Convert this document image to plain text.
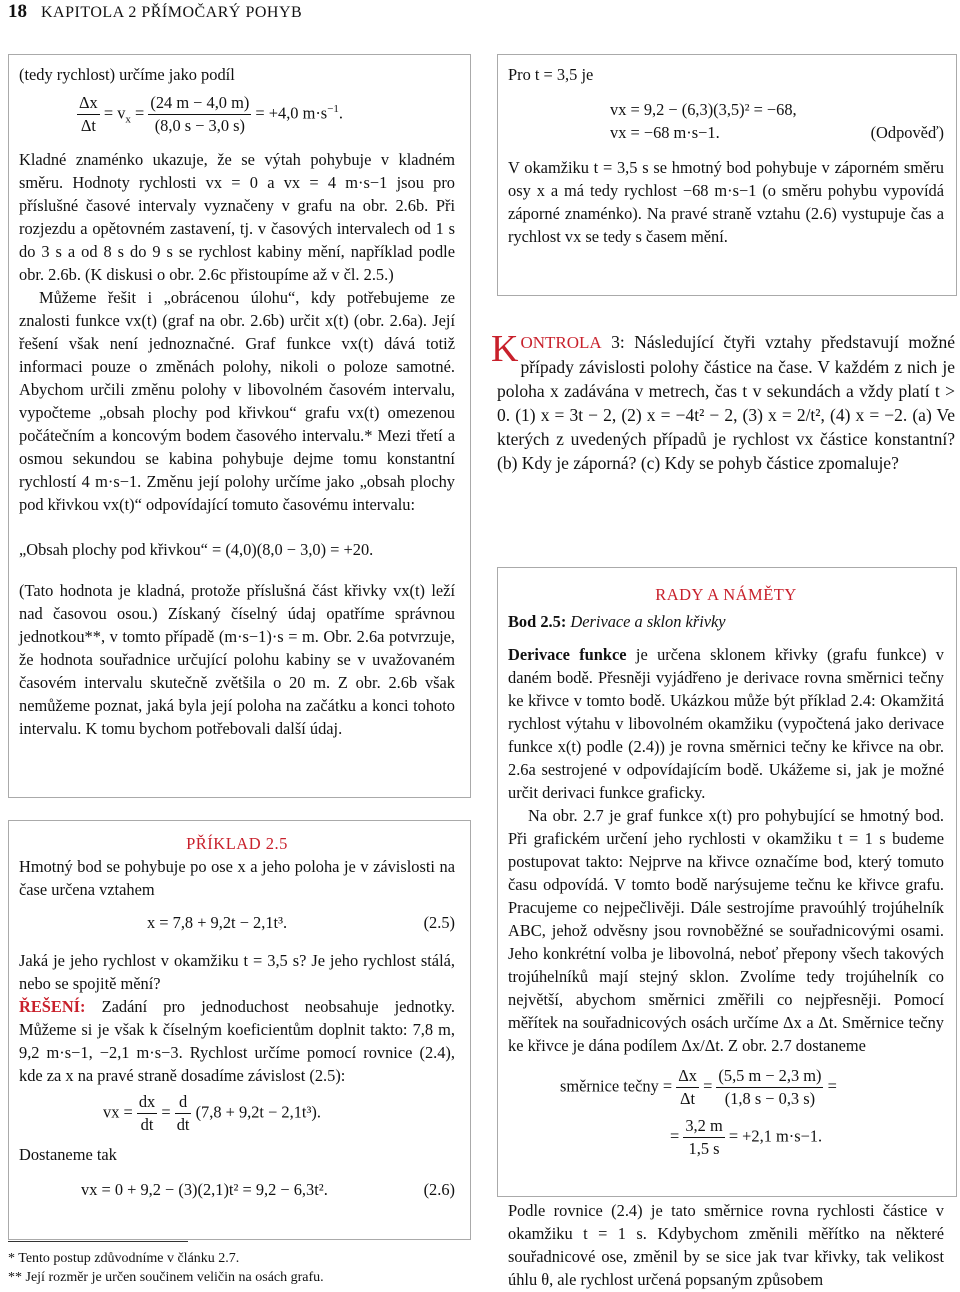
18 KAPITOLA 2 PŘÍMOČARÝ POHYB

(tedy rychlost) určíme jako podíl

$\frac{\Delta x}{\Delta t} = v_x = \frac{(24 m - 4,0 m)}{(8,0 s - 3,0 s)} = +4,0$ $m\cdot s^{-1}$.

Kladné znaménko ukazuje, že se výtah pohybuje v kladném směru. Hodnoty rychlosti vx = 0 a vx = 4 m·s−1 jsou pro příslušné časové intervaly vyznačeny v grafu na obr. 2.6b. Při rozjezdu a opětovném zastavení, tj. v časových intervalech od 1 s do 3 s a od 8 s do 9 s se rychlost kabiny mění, například podle obr. 2.6b. (K diskusi o obr. 2.6c přistoupíme až v čl. 2.5.)

Můžeme řešit i „obrácenou úlohu“, kdy potřebujeme ze znalosti funkce vx(t) (graf na obr. 2.6b) určit x(t) (obr. 2.6a). Její řešení však není jednoznačné. Graf funkce vx(t) dává totiž informaci pouze o změnách polohy, nikoli o poloze samotné. Abychom určili změnu polohy v libovolném časovém intervalu, vypočteme „obsah plochy pod křivkou“ grafu vx(t) omezenou počátečním a koncovým bodem časového intervalu.* Mezi třetí a osmou sekundou se kabina pohybuje dejme tomu konstantní rychlostí 4 m·s−1. Změnu její polohy určíme jako „obsah plochy pod křivkou vx(t)“ odpovídající tomuto časovému intervalu:

„Obsah plochy pod křivkou“ = (4,0)(8,0 − 3,0) = +20.

(Tato hodnota je kladná, protože příslušná část křivky vx(t) leží nad časovou osou.) Získaný číselný údaj opatříme správnou jednotkou**, v tomto případě (m·s−1)·s = m. Obr. 2.6a potvrzuje, že hodnota souřadnice určující polohu kabiny se v uvažovaném časovém intervalu skutečně zvětšila o 20 m. Z obr. 2.6b však nemůžeme poznat, jaká byla její poloha na začátku a konci tohoto intervalu. K tomu bychom potřebovali další údaj.

PŘÍKLAD 2.5

Hmotný bod se pohybuje po ose x a jeho poloha je v závislosti na čase určena vztahem

x = 7,8 + 9,2t − 2,1t³.	(2.5)

Jaká je jeho rychlost v okamžiku t = 3,5 s? Je jeho rychlost stálá, nebo se spojitě mění?

ŘEŠENÍ: Zadání pro jednoduchost neobsahuje jednotky. Můžeme si je však k číselným koeficientům doplnit takto: 7,8 m, 9,2 m·s−1, −2,1 m·s−3. Rychlost určíme pomocí rovnice (2.4), kde za x na pravé straně dosadíme závislost (2.5):

vx = $\frac{dx}{dt} = \frac{d}{dt} (7,8 + 9,2t - 2,1t^3)$.

Dostaneme tak

vx = 0 + 9,2 − (3)(2,1)t² = 9,2 − 6,3t².	(2.6)
* Tento postup zdůvodníme v článku 2.7.
** Její rozměr je určen součinem veličin na osách grafu.

Pro t = 3,5 je

vx = 9,2 − (6,3)(3,5)² = −68,

vx = −68 m·s−1.	(Odpověď)

V okamžiku t = 3,5 s se hmotný bod pohybuje v záporném směru osy x a má tedy rychlost −68 m·s−1 (o směru pohybu vypovídá záporné znaménko). Na pravé straně vztahu (2.6) vystupuje čas a rychlost vx se tedy s časem mění.

KONTROLA 3: Následující čtyři vztahy představují možné případy závislosti polohy částice na čase. V každém z nich je poloha x zadávána v metrech, čas t v sekundách a vždy platí t > 0. (1) x = 3t − 2, (2) x = −4t² − 2, (3) x = 2/t², (4) x = −2. (a) Ve kterých z uvedených případů je rychlost vx částice konstantní? (b) Kdy je záporná? (c) Kdy se pohyb částice zpomaluje?

RADY A NÁMĚTY

Bod 2.5: Derivace a sklon křivky

Derivace funkce je určena sklonem křivky (grafu funkce) v daném bodě. Přesněji vyjádřeno je derivace rovna směrnici tečny ke křivce v tomto bodě. Ukázkou může být příklad 2.4: Okamžitá rychlost výtahu v libovolném okamžiku (vypočtená jako derivace funkce x(t) podle (2.4)) je rovna směrnici tečny ke křivce na obr. 2.6a sestrojené v odpovídajícím bodě. Ukážeme si, jak je možné určit derivaci funkce graficky.

Na obr. 2.7 je graf funkce x(t) pro pohybující se hmotný bod. Při grafickém určení jeho rychlosti v okamžiku t = 1 s budeme postupovat takto: Nejprve na křivce označíme bod, který tomuto času odpovídá. V tomto bodě narýsujeme tečnu ke křivce grafu. Pracujeme co nejpečlivěji. Dále sestrojíme pravoúhlý trojúhelník ABC, jehož odvěsny jsou rovnoběžné se souřadnicovými osami. Jeho konkrétní volba je libovolná, neboť přepony všech takových trojúhelníků mají stejný sklon. Zvolíme tedy trojúhelník co největší, abychom směrnici změřili co nejpřesněji. Pomocí měřítek na souřadnicových osách určíme Δx a Δt. Směrnice tečny ke křivce je dána podílem Δx/Δt. Z obr. 2.7 dostaneme

směrnice tečny = $\frac{\Delta x}{\Delta t} = \frac{(5,5 m - 2,3 m)}{(1,8 s - 0,3 s)}$ =
= $\frac{3,2 m}{1,5 s} = +2,1$ m·s−1.

Podle rovnice (2.4) je tato směrnice rovna rychlosti částice v okamžiku t = 1 s. Kdybychom změnili měřítko na některé souřadnicové ose, změnil by se sice jak tvar křivky, tak velikost úhlu θ, ale rychlost určená popsaným způsobem
